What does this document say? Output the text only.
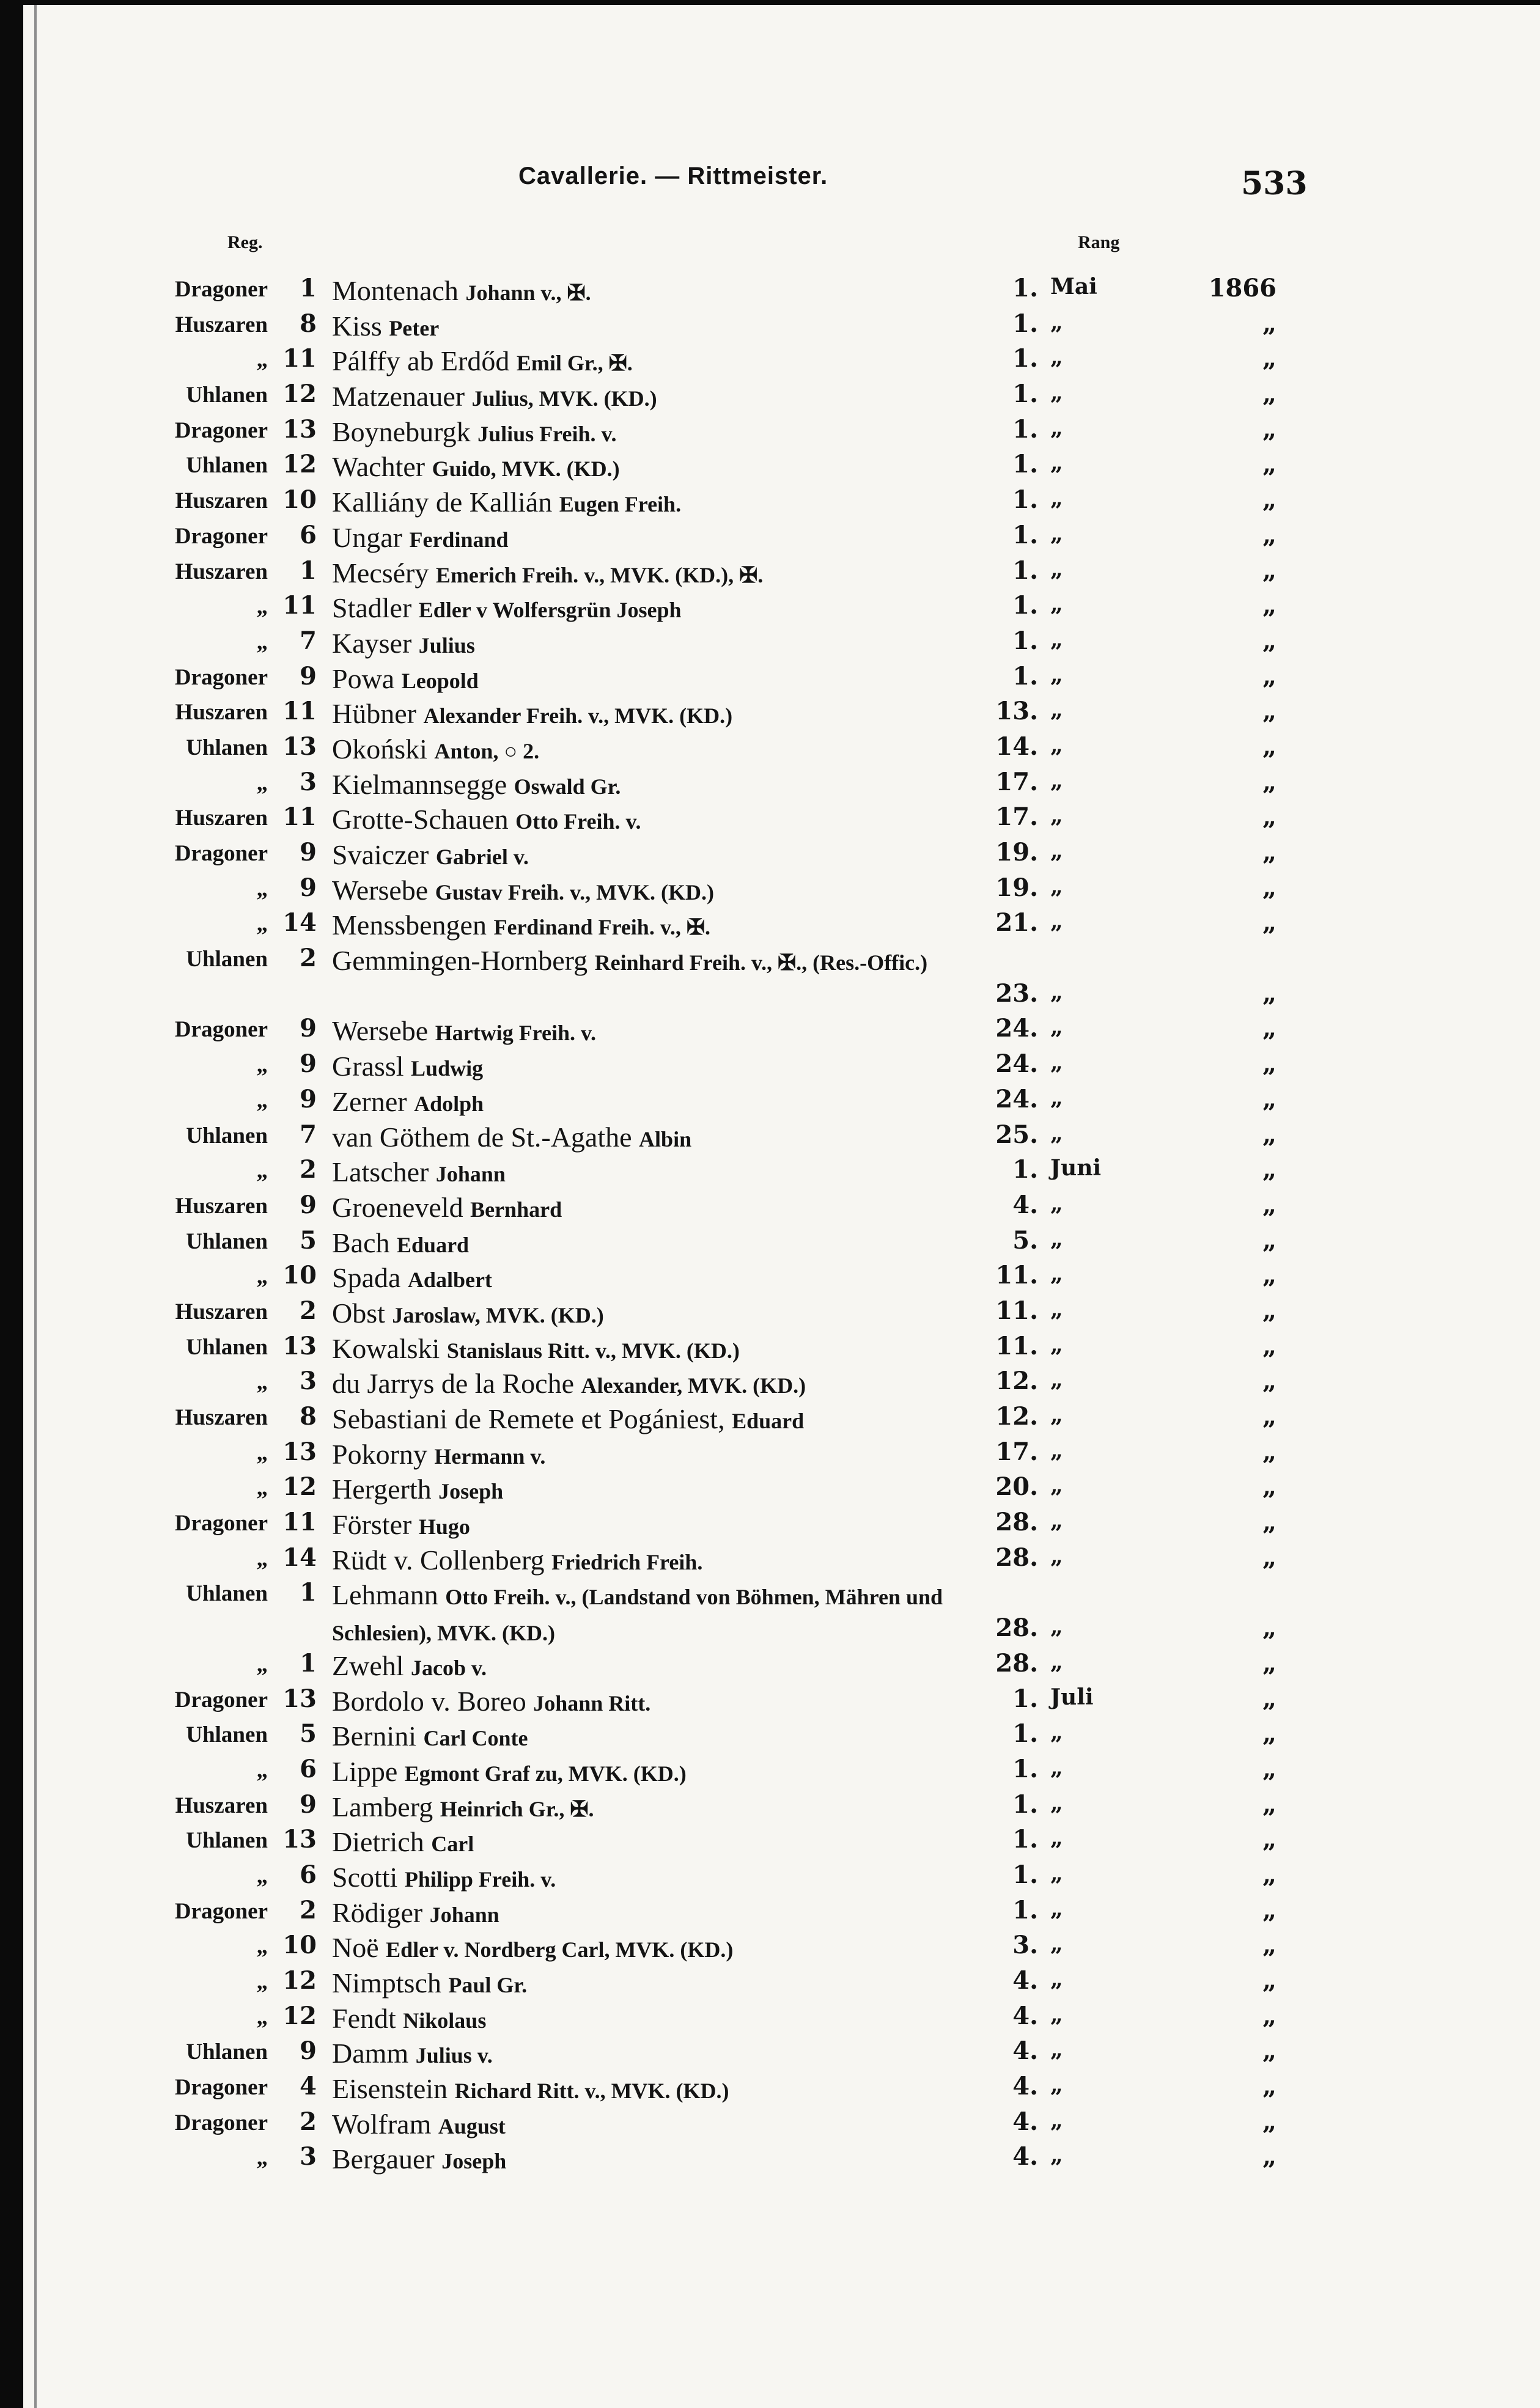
Cavallerie. — Rittmeister.	533
Reg.	Rang
Dragoner	1 Montenach Johann v., ✠.	1. Mai	1866
Huszaren	8 Kiss Peter	1. „	„
„ 11 Pálffy ab Erdőd Emil Gr., ✠.	1. „	„
Uhlanen 12 Matzenauer Julius, MVK. (KD.)	1. „	„
Dragoner 13 Boyneburgk Julius Freih. v.	1. „	„
Uhlanen 12 Wachter Guido, MVK. (KD.)	1. „	„
Huszaren 10 Kalliány de Kallián Eugen Freih.	1. „	„
Dragoner	6 Ungar Ferdinand	1. „	„
Huszaren	1 Mecséry Emerich Freih. v., MVK. (KD.), ✠.	1. „	„
„ 11 Stadler Edler v Wolfersgrün Joseph	1. „	„
„	7 Kayser Julius	1. „	„
Dragoner	9 Powa Leopold	1. „	„
Huszaren 11 Hübner Alexander Freih. v., MVK. (KD.)	13. „	„
Uhlanen 13 Okoński Anton, ○ 2.	14. „	„
„	3 Kielmannsegge Oswald Gr.	17. „	„
Huszaren 11 Grotte-Schauen Otto Freih. v.	17. „	„
Dragoner	9 Svaiczer Gabriel v.	19. „	„
„	9 Wersebe Gustav Freih. v., MVK. (KD.)	19. „	„
„ 14 Menssbengen Ferdinand Freih. v., ✠.	21. „	„
Uhlanen	2 Gemmingen-Hornberg Reinhard Freih. v., ✠., (Res.-Offic.)
23. „	„
Dragoner	9 Wersebe Hartwig Freih. v.	24. „	„
„	9 Grassl Ludwig	24. „	„
„	9 Zerner Adolph	24. „	„
Uhlanen	7 van Göthem de St.-Agathe Albin	25. „	„
„	2 Latscher Johann	1. Juni	„
Huszaren	9 Groeneveld Bernhard	4. „	„
Uhlanen	5 Bach Eduard	5. „	„
„ 10 Spada Adalbert	11. „	„
Huszaren	2 Obst Jaroslaw, MVK. (KD.)	11. „	„
Uhlanen 13 Kowalski Stanislaus Ritt. v., MVK. (KD.)	11. „	„
„	3 du Jarrys de la Roche Alexander, MVK. (KD.)	12. „	„
Huszaren	8 Sebastiani de Remete et Pogániest, Eduard	12. „	„
„ 13 Pokorny Hermann v.	17. „	„
„ 12 Hergerth Joseph	20. „	„
Dragoner 11 Förster Hugo	28. „	„
„ 14 Rüdt v. Collenberg Friedrich Freih.	28. „	„
Uhlanen	1 Lehmann Otto Freih. v., (Landstand von Böhmen, Mähren und Schlesien), MVK. (KD.)	28. „	„
„	1 Zwehl Jacob v.	28. „	„
Dragoner 13 Bordolo v. Boreo Johann Ritt.	1. Juli	„
Uhlanen	5 Bernini Carl Conte	1. „	„
„	6 Lippe Egmont Graf zu, MVK. (KD.)	1. „	„
Huszaren	9 Lamberg Heinrich Gr., ✠.	1. „	„
Uhlanen 13 Dietrich Carl	1. „	„
„	6 Scotti Philipp Freih. v.	1. „	„
Dragoner	2 Rödiger Johann	1. „	„
„ 10 Noë Edler v. Nordberg Carl, MVK. (KD.)	3. „	„
„ 12 Nimptsch Paul Gr.	4. „	„
„ 12 Fendt Nikolaus	4. „	„
Uhlanen	9 Damm Julius v.	4. „	„
Dragoner	4 Eisenstein Richard Ritt. v., MVK. (KD.)	4. „	„
Dragoner	2 Wolfram August	4. „	„
„	3 Bergauer Joseph	4. „	„
